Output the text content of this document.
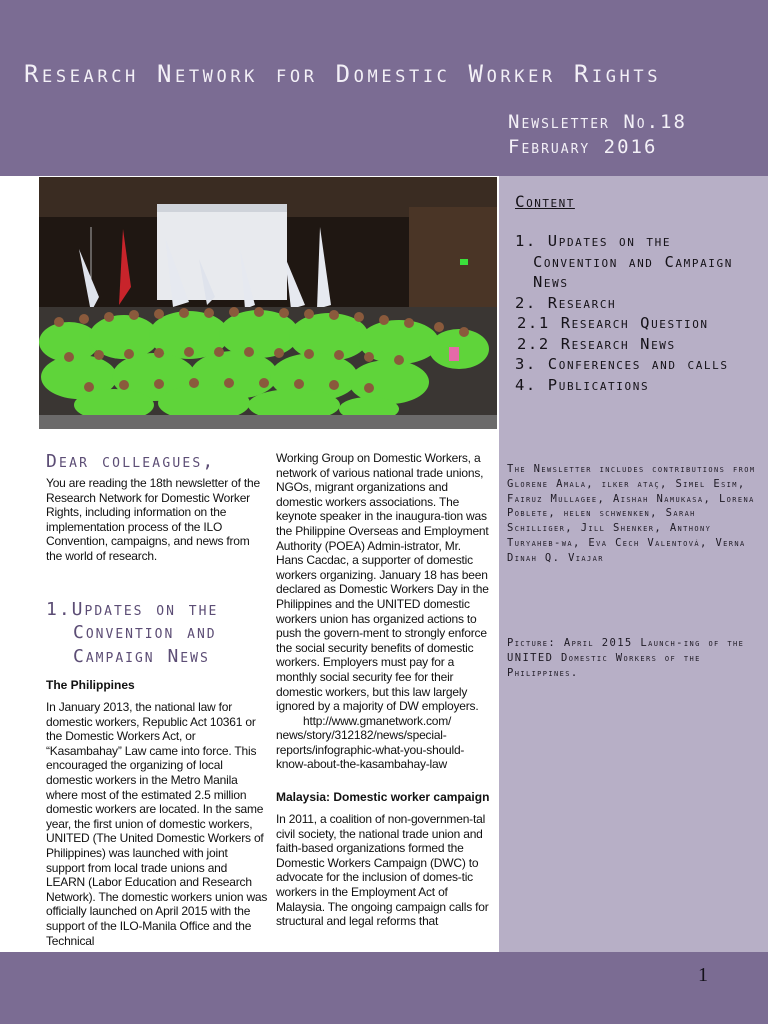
Research Network for Domestic Worker Rights
Newsletter No.18
February 2016
Content
1. Updates on the Convention and Campaign News
2. Research
2.1 Research Question
2.2 Research News
3. Conferences and calls
4. Publications
The Newsletter includes contributions from Glorene Amala, ilker ataç, Simel Esim, Fairuz Mullagee, Aishah Namukasa, Lorena Poblete, helen schwenken, Sarah Schilliger, Jill Shenker, Anthony Turyaheb-wa, Eva Cech Valentová, Verna Dinah Q. Viajar
Picture: April 2015 Launch-ing of the UNITED Domestic Workers of the Philippines.
Dear colleagues,

You are reading the 18th newsletter of the Research Network for Domestic Worker Rights, including information on the implementation process of the ILO Convention, campaigns, and news from the world of research.

1.Updates on the Convention and Campaign News
The Philippines

In January 2013, the national law for domestic workers, Republic Act 10361 or the Domestic Workers Act, or “Kasambahay” Law came into force. This encouraged the organizing of local domestic workers in the Metro Manila where most of the estimated 2.5 million domestic workers are located. In the same year, the first union of domestic workers, UNITED (The United Domestic Workers of Philippines) was launched with joint support from local trade unions and LEARN (Labor Education and Research Network). The domestic workers union was officially launched on April 2015 with the support of the ILO-Manila Office and the Technical

Working Group on Domestic Workers, a network of various national trade unions, NGOs, migrant organizations and domestic workers associations. The keynote speaker in the inaugura-tion was the Philippine Overseas and Employment Authority (POEA) Admin-istrator, Mr. Hans Cacdac, a supporter of domestic workers organizing. January 18 has been declared as Domestic Workers Day in the Philippines and the UNITED domestic workers union has organized actions to push the govern-ment to strongly enforce the social security benefits of domestic workers. Employers must pay for a monthly social security fee for their domestic workers, but this law largely ignored by a majority of DW employers.

http://www.gmanetwork.com/ news/story/312182/news/special-reports/infographic-what-you-should-know-about-the-kasambahay-law

Malaysia: Domestic worker campaign

In 2011, a coalition of non-governmen-tal civil society, the national trade union and faith-based organizations formed the Domestic Workers Campaign (DWC) to advocate for the inclusion of domes-tic workers in the Employment Act of Malaysia. The ongoing campaign calls for structural and legal reforms that

1
